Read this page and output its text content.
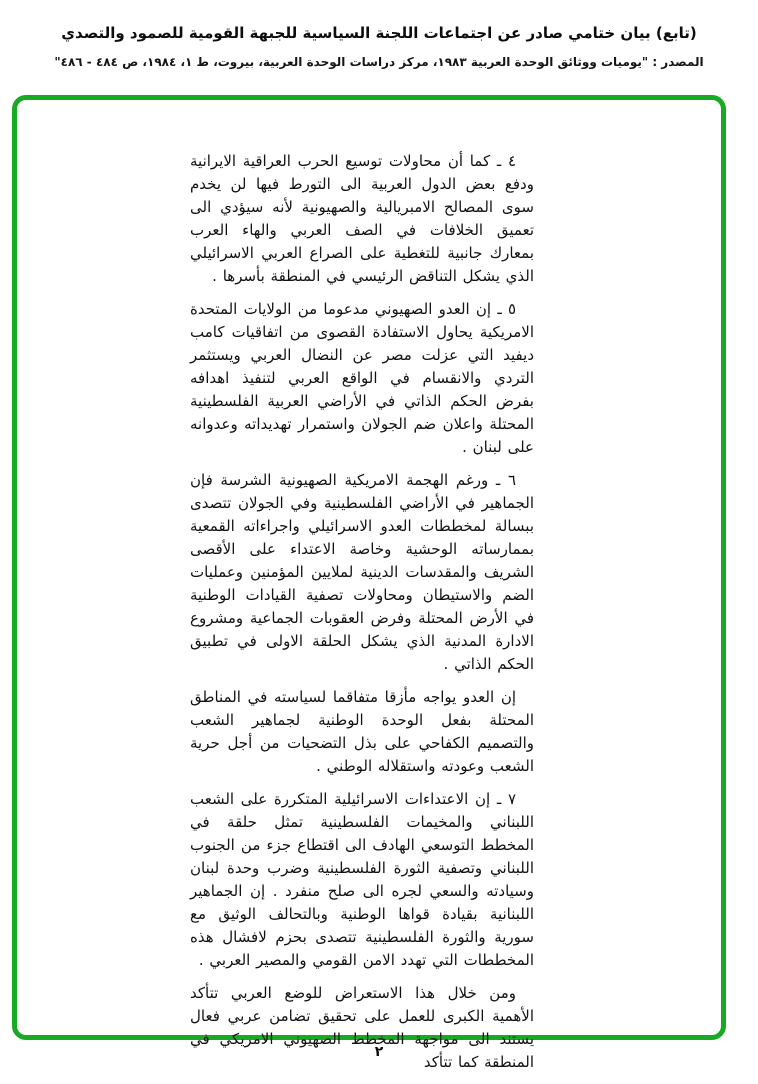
(تابع) بيان ختامي صادر عن اجتماعات اللجنة السياسية للجبهة القومية للصمود والتصدي
المصدر : "يوميات ووثائق الوحدة العربية ١٩٨٣، مركز دراسات الوحدة العربية، بيروت، ط ١، ١٩٨٤، ص ٤٨٤ - ٤٨٦"

٤ ـ كما أن محاولات توسيع الحرب العراقية الايرانية ودفع بعض الدول العربية الى التورط فيها لن يخدم سوى المصالح الامبريالية والصهيونية لأنه سيؤدي الى تعميق الخلافات في الصف العربي والهاء العرب بمعارك جانبية للتغطية على الصراع العربي الاسرائيلي الذي يشكل التناقض الرئيسي في المنطقة بأسرها .

٥ ـ إن العدو الصهيوني مدعوما من الولايات المتحدة الامريكية يحاول الاستفادة القصوى من اتفاقيات كامب ديفيد التي عزلت مصر عن النضال العربي ويستثمر التردي والانقسام في الواقع العربي لتنفيذ اهدافه بفرض الحكم الذاتي في الأراضي العربية الفلسطينية المحتلة واعلان ضم الجولان واستمرار تهديداته وعدوانه على لبنان .

٦ ـ ورغم الهجمة الامريكية الصهيونية الشرسة فإن الجماهير في الأراضي الفلسطينية وفي الجولان تتصدى ببسالة لمخططات العدو الاسرائيلي واجراءاته القمعية بممارساته الوحشية وخاصة الاعتداء على الأقصى الشريف والمقدسات الدينية لملايين المؤمنين وعمليات الضم والاستيطان ومحاولات تصفية القيادات الوطنية في الأرض المحتلة وفرض العقوبات الجماعية ومشروع الادارة المدنية الذي يشكل الحلقة الاولى في تطبيق الحكم الذاتي .

إن العدو يواجه مأزقا متفاقما لسياسته في المناطق المحتلة بفعل الوحدة الوطنية لجماهير الشعب والتصميم الكفاحي على بذل التضحيات من أجل حرية الشعب وعودته واستقلاله الوطني .

٧ ـ إن الاعتداءات الاسرائيلية المتكررة على الشعب اللبناني والمخيمات الفلسطينية تمثل حلقة في المخطط التوسعي الهادف الى اقتطاع جزء من الجنوب اللبناني وتصفية الثورة الفلسطينية وضرب وحدة لبنان وسيادته والسعي لجره الى صلح منفرد . إن الجماهير اللبنانية بقيادة قواها الوطنية وبالتحالف الوثيق مع سورية والثورة الفلسطينية تتصدى بحزم لافشال هذه المخططات التي تهدد الامن القومي والمصير العربي .

ومن خلال هذا الاستعراض للوضع العربي تتأكد الأهمية الكبرى للعمل على تحقيق تضامن عربي فعال يستند الى مواجهة المخطط الصهيوني الامريكي في المنطقة كما تتأكد

٢
